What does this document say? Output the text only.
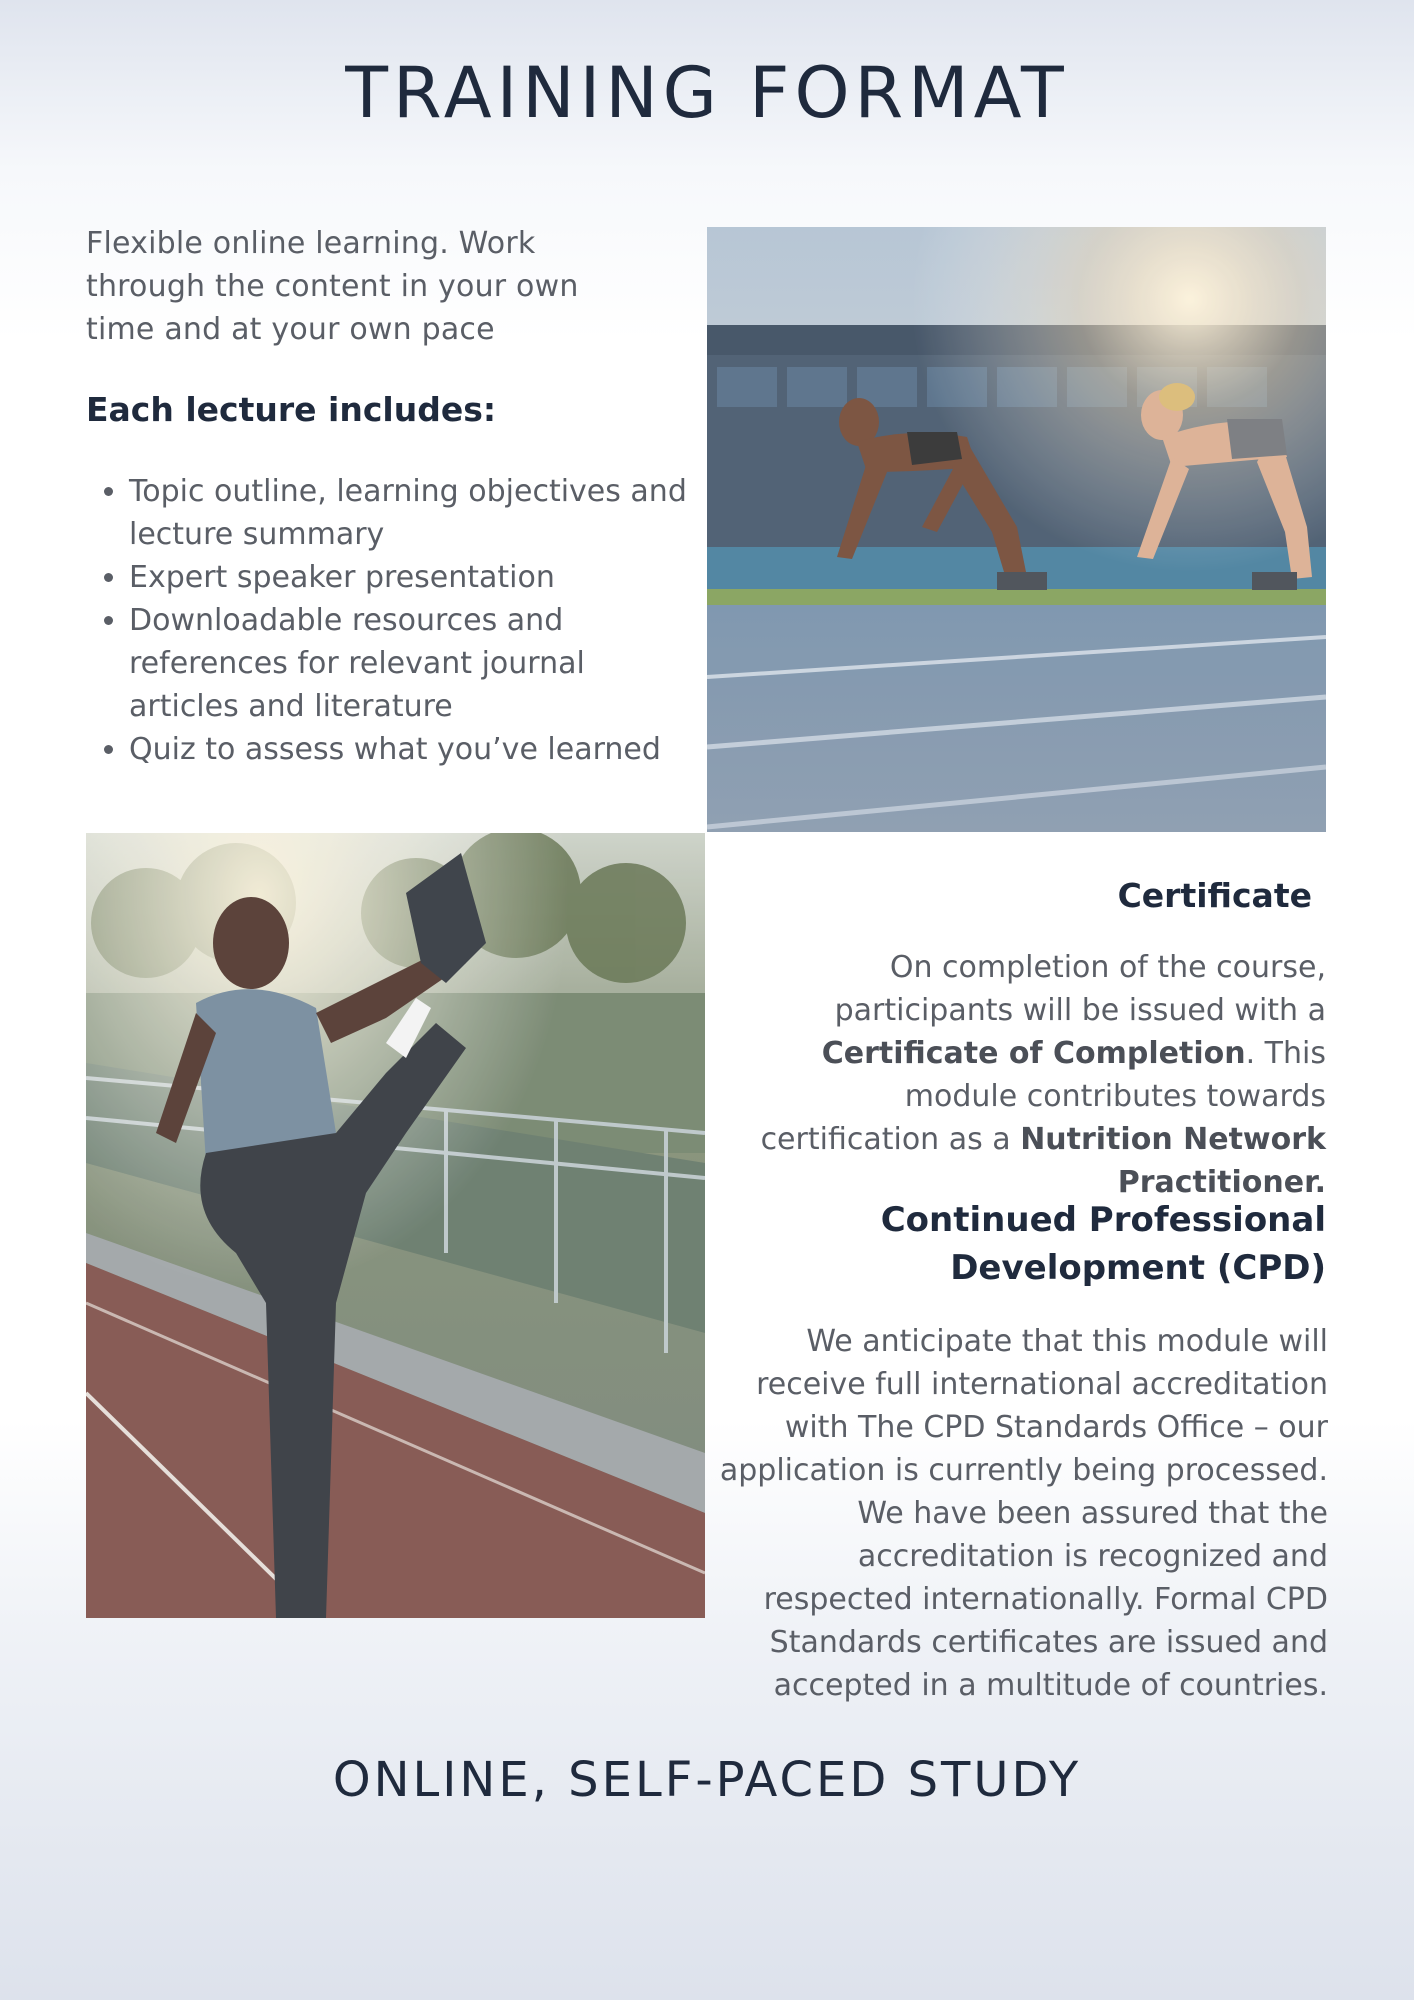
TRAINING FORMAT

Flexible online learning. Work through the content in your own time and at your own pace

Each lecture includes:
• Topic outline, learning objectives and lecture summary
• Expert speaker presentation
• Downloadable resources and references for relevant journal articles and literature
• Quiz to assess what you’ve learned
Certificate

On completion of the course, participants will be issued with a Certificate of Completion. This module contributes towards certification as a Nutrition Network Practitioner.

Continued Professional Development (CPD)

We anticipate that this module will receive full international accreditation with The CPD Standards Office – our application is currently being processed. We have been assured that the accreditation is recognized and respected internationally. Formal CPD Standards certificates are issued and accepted in a multitude of countries.

ONLINE, SELF-PACED STUDY
